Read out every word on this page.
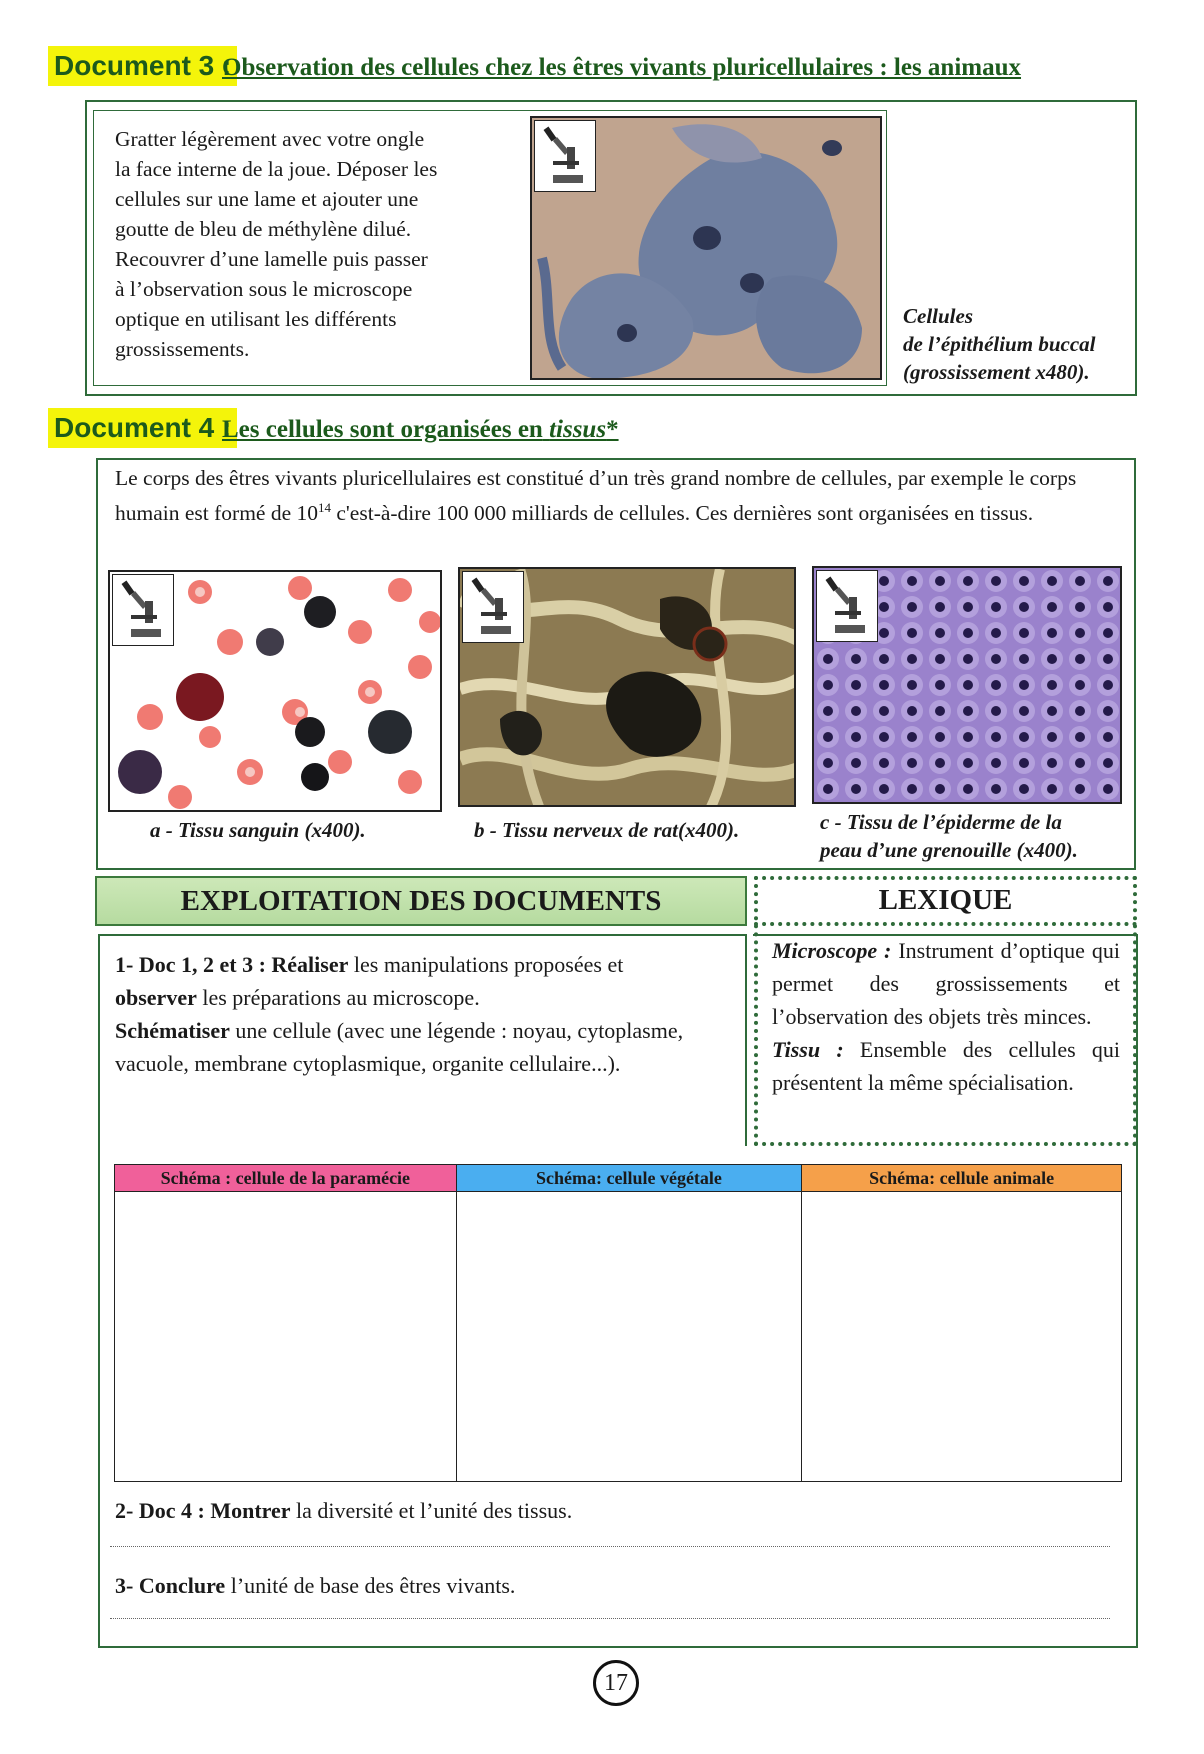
Document 3 :
Observation des cellules chez les êtres vivants pluricellulaires : les animaux
Gratter légèrement avec votre ongle
la face interne de la joue. Déposer les
cellules sur une lame et ajouter une
goutte de bleu de méthylène dilué.
Recouvrer d’une lamelle puis passer
à l’observation sous le microscope
optique en utilisant les différents
grossissements.
Cellules
de l’épithélium buccal
(grossissement x480).
Document 4 :
Les cellules sont organisées en tissus*
Le corps des êtres vivants pluricellulaires est constitué d’un très grand nombre de cellules, par exemple le corps humain est formé de $10^{14}$ c'est-à-dire 100 000 milliards de cellules. Ces dernières sont organisées en tissus.
a - Tissu sanguin (x400).	b - Tissu nerveux de rat(x400).	c - Tissu de l’épiderme de la
peau d’une grenouille (x400).
EXPLOITATION DES DOCUMENTS	LEXIQUE
Microscope : Instrument d’optique qui permet des grossissements et l’observation des objets très minces.
Tissu : Ensemble des cellules qui présentent la même spécialisation.
1- Doc 1, 2 et 3 : Réaliser les manipulations proposées et
observer les préparations au microscope.
Schématiser une cellule (avec une légende : noyau, cytoplasme,
vacuole, membrane cytoplasmique, organite cellulaire...).
Schéma : cellule de la paramécie	Schéma: cellule végétale	Schéma: cellule animale

2- Doc 4 : Montrer la diversité et l’unité des tissus.
3- Conclure l’unité de base des êtres vivants.
17
